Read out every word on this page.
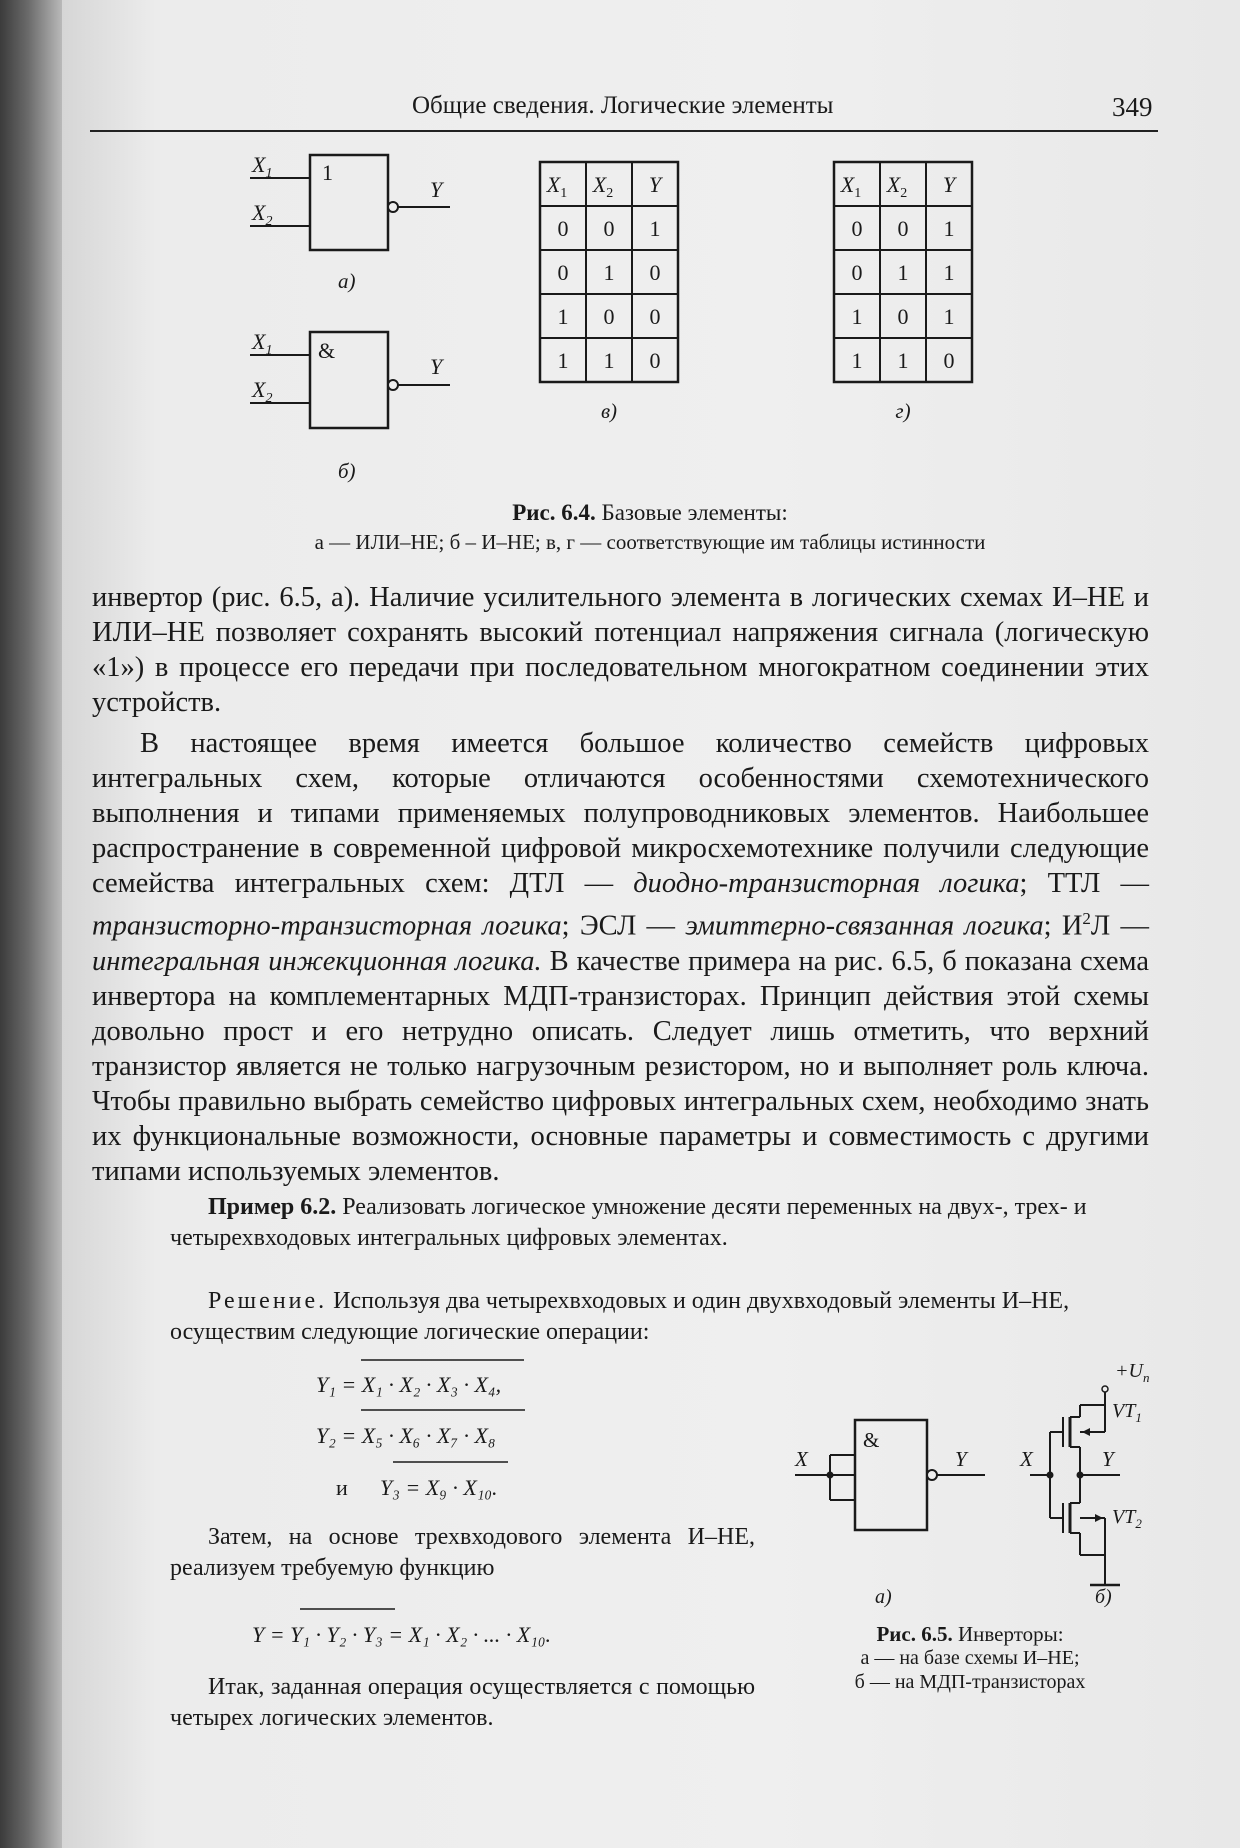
Общие сведения. Логические элементы	349
1
$X_1$
$X_2$
Y
а)
&
$X_1$
$X_2$
Y
б)
$X_1$ $X_2$ Y
0 0 1
0 1 0
1 0 0
1 1 0
в)
$X_1$ $X_2$ Y
0 0 1
0 1 1
1 0 1
1 1 0
г)
Рис. 6.4. Базовые элементы:
а — ИЛИ–НЕ; б – И–НЕ; в, г — соответствующие им таблицы истинности

инвертор (рис. 6.5, а). Наличие усилительного элемента в логических схемах И–НЕ и ИЛИ–НЕ позволяет сохранять высокий потенциал напряжения сигнала (логическую «1») в процессе его передачи при последовательном многократном соединении этих устройств.

В настоящее время имеется большое количество семейств цифровых интегральных схем, которые отличаются особенностями схемотехнического выполнения и типами применяемых полупроводниковых элементов. Наибольшее распространение в современной цифровой микросхемотехнике получили следующие семейства интегральных схем: ДТЛ — диодно-транзисторная логика; ТТЛ — транзисторно-транзисторная логика; ЭСЛ — эмиттерно-связанная логика; $И^2Л$ — интегральная инжекционная логика. В качестве примера на рис. 6.5, б показана схема инвертора на комплементарных МДП-транзисторах. Принцип действия этой схемы довольно прост и его нетрудно описать. Следует лишь отметить, что верхний транзистор является не только нагрузочным резистором, но и выполняет роль ключа. Чтобы правильно выбрать семейство цифровых интегральных схем, необходимо знать их функциональные возможности, основные параметры и совместимость с другими типами используемых элементов.

Пример 6.2. Реализовать логическое умножение десяти переменных на двух-, трех- и четырехвходовых интегральных цифровых элементах.
Решение. Используя два четырехвходовых и один двухвходовый элементы И–НЕ, осуществим следующие логические операции:
Y₁ = X₁ · X₂ · X₃ · X₄,
Y₂ = X₅ · X₆ · X₇ · X₈
и Y₃ = X₉ · X₁₀.
Затем, на основе трехвходового элемента И–НЕ, реализуем требуемую функцию
Y = Y₁ · Y₂ · Y₃ = X₁ · X₂ · ... · X₁₀.
Итак, заданная операция осуществляется с помощью четырех логических элементов.
&
X	Y
а)
$+U_п$
$VT_1$
Y
$VT_2$
X
б)
Рис. 6.5. Инверторы:
а — на базе схемы И–НЕ;
б — на МДП-транзисторах
